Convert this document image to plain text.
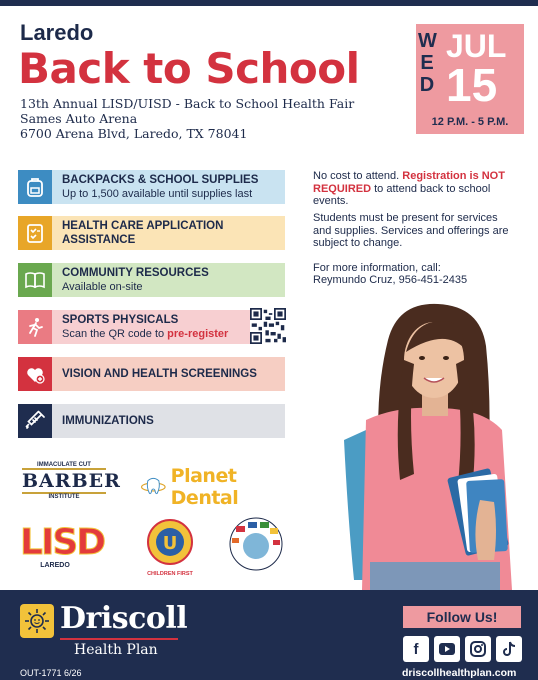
Laredo
Back to School
13th Annual LISD/UISD - Back to School Health Fair
Sames Auto Arena
6700 Arena Blvd, Laredo, TX 78041
W
E
D
JUL
15
12 P.M. - 5 P.M.
BACKPACKS & SCHOOL SUPPLIES
Up to 1,500 available until supplies last
HEALTH CARE APPLICATION ASSISTANCE
COMMUNITY RESOURCES
Available on-site
SPORTS PHYSICALS
Scan the QR code to pre-register
VISION AND HEALTH SCREENINGS
IMMUNIZATIONS
No cost to attend. Registration is NOT REQUIRED to attend back to school events.
Students must be present for services and supplies. Services and offerings are subject to change.
For more information, call:
Reymundo Cruz, 956-451-2435
IMMACULATE CUT
BARBER
INSTITUTE
Planet Dental
LISD
LAREDO
U
CHILDREN FIRST
Driscoll
Health Plan
OUT-1771 6/26
Follow Us!
f
driscollhealthplan.com
